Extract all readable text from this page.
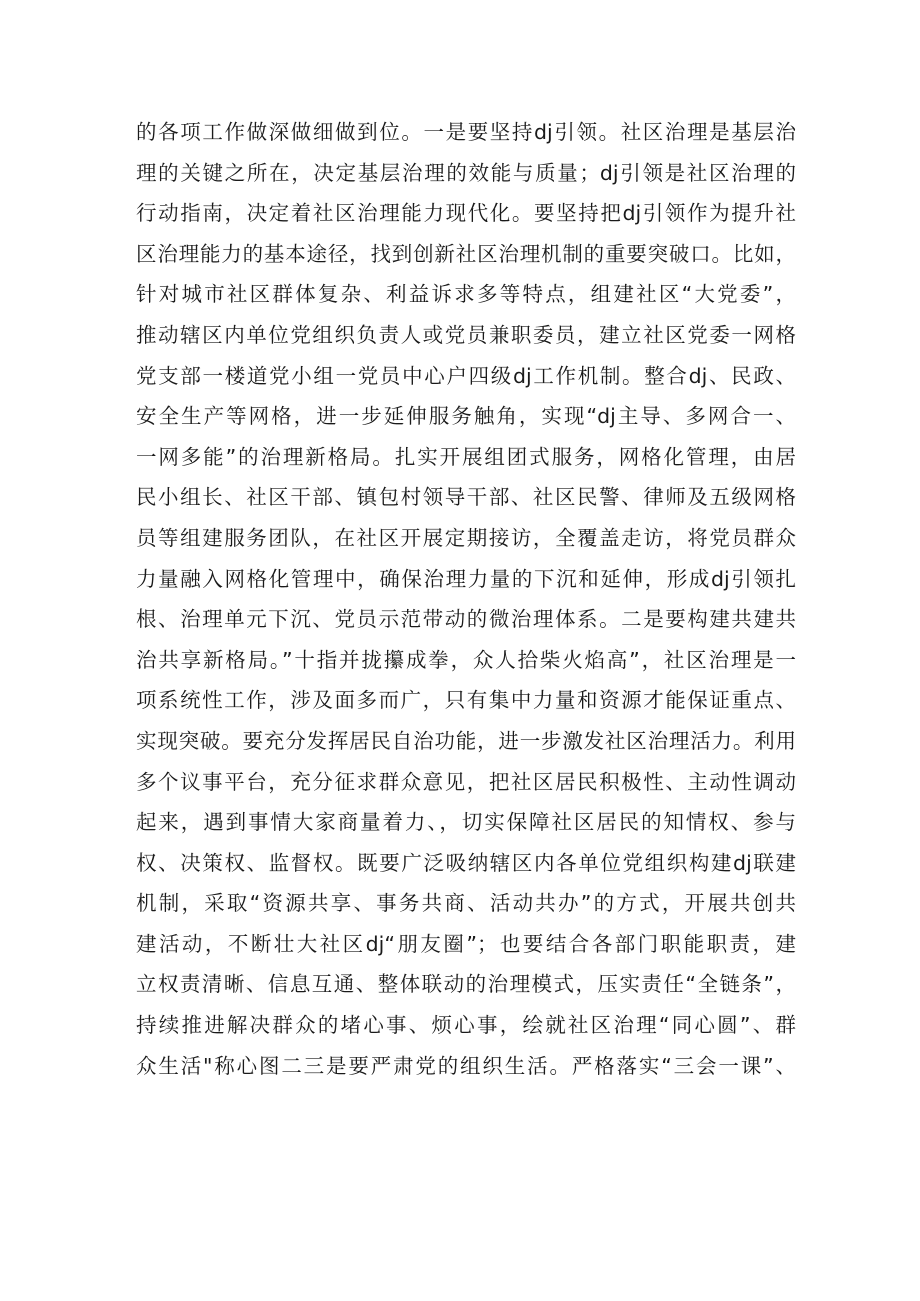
的各项工作做深做细做到位。一是要坚持dj引领。社区治理是基层治
理的关键之所在，决定基层治理的效能与质量；dj引领是社区治理的
行动指南，决定着社区治理能力现代化。要坚持把dj引领作为提升社
区治理能力的基本途径，找到创新社区治理机制的重要突破口。比如，
针对城市社区群体复杂、利益诉求多等特点，组建社区“大党委”，
推动辖区内单位党组织负责人或党员兼职委员，建立社区党委一网格
党支部一楼道党小组一党员中心户四级dj工作机制。整合dj、民政、
安全生产等网格，进一步延伸服务触角，实现“dj主导、多网合一、
一网多能”的治理新格局。扎实开展组团式服务，网格化管理，由居
民小组长、社区干部、镇包村领导干部、社区民警、律师及五级网格
员等组建服务团队，在社区开展定期接访，全覆盖走访，将党员群众
力量融入网格化管理中，确保治理力量的下沉和延伸，形成dj引领扎
根、治理单元下沉、党员示范带动的微治理体系。二是要构建共建共
治共享新格局。”十指并拢攥成拳，众人拾柴火焰高”，社区治理是一
项系统性工作，涉及面多而广，只有集中力量和资源才能保证重点、
实现突破。要充分发挥居民自治功能，进一步激发社区治理活力。利用
多个议事平台，充分征求群众意见，把社区居民积极性、主动性调动
起来，遇到事情大家商量着力、，切实保障社区居民的知情权、参与
权、决策权、监督权。既要广泛吸纳辖区内各单位党组织构建dj联建
机制，采取“资源共享、事务共商、活动共办”的方式，开展共创共
建活动，不断壮大社区dj“朋友圈”；也要结合各部门职能职责，建
立权责清晰、信息互通、整体联动的治理模式，压实责任“全链条”，
持续推进解决群众的堵心事、烦心事，绘就社区治理“同心圆”、群
众生活"称心图二三是要严肃党的组织生活。严格落实“三会一课”、
